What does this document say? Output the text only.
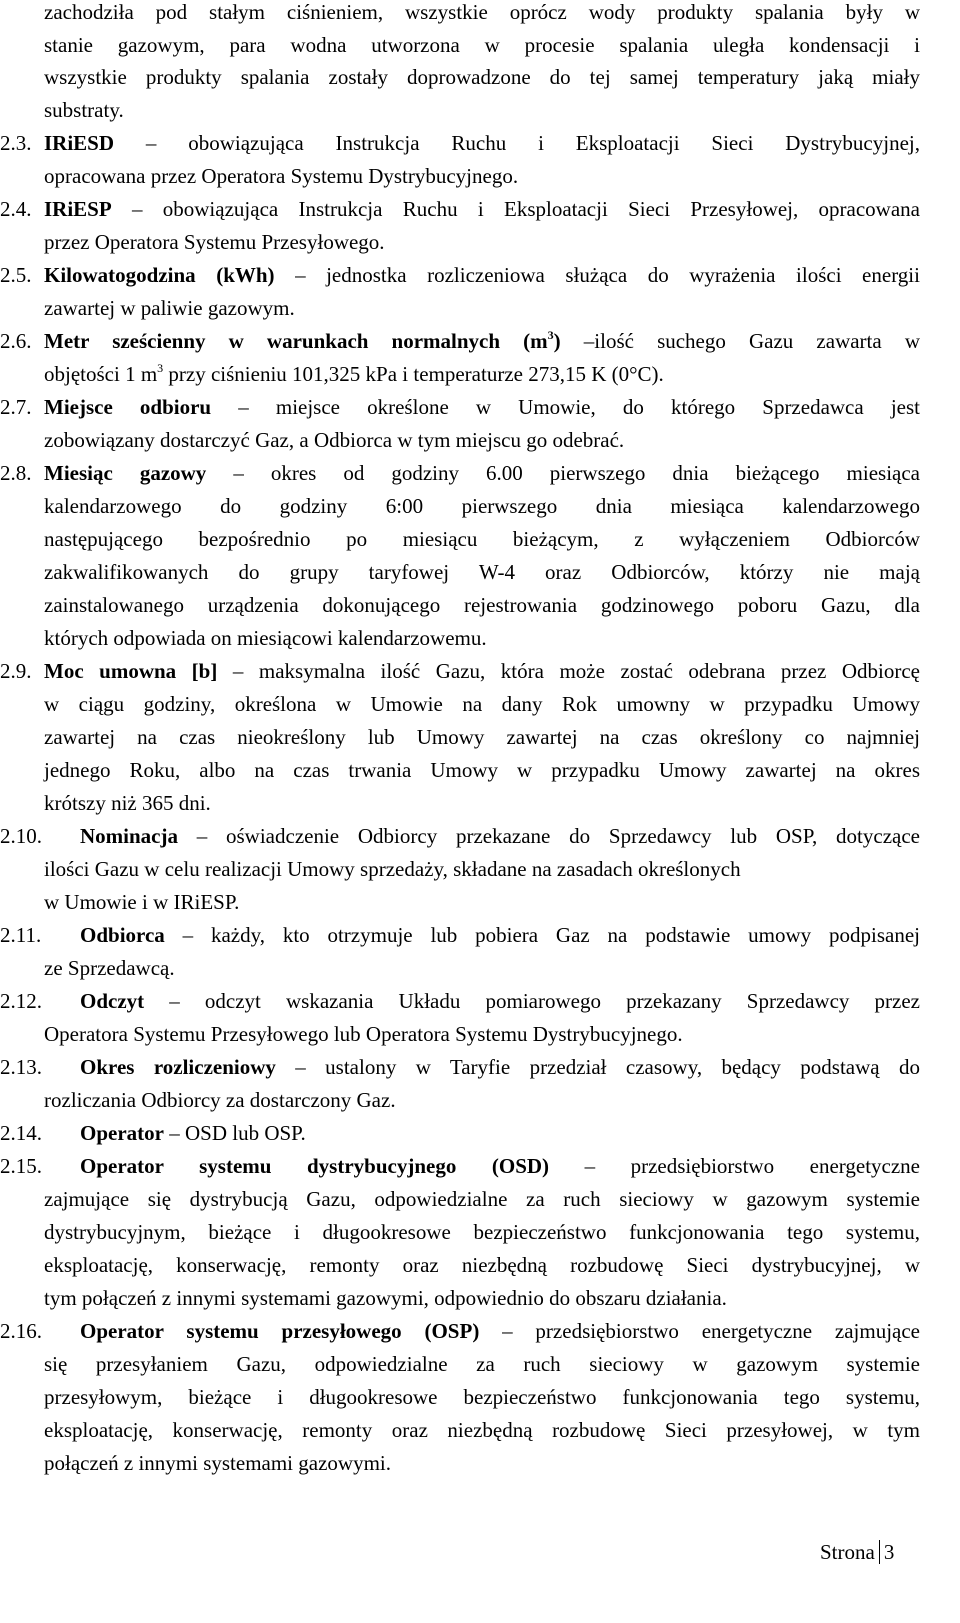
zachodziła pod stałym ciśnieniem, wszystkie oprócz wody produkty spalania były w
stanie gazowym, para wodna utworzona w procesie spalania uległa kondensacji i
wszystkie produkty spalania zostały doprowadzone do tej samej temperatury jaką miały
substraty.
2.3. IRiESD – obowiązująca Instrukcja Ruchu i Eksploatacji Sieci Dystrybucyjnej,
opracowana przez Operatora Systemu Dystrybucyjnego.
2.4. IRiESP – obowiązująca Instrukcja Ruchu i Eksploatacji Sieci Przesyłowej, opracowana
przez Operatora Systemu Przesyłowego.
2.5. Kilowatogodzina (kWh) – jednostka rozliczeniowa służąca do wyrażenia ilości energii
zawartej w paliwie gazowym.
2.6. Metr sześcienny w warunkach normalnych $(m^3)$ –ilość suchego Gazu zawarta w
objętości 1 $m^3$ przy ciśnieniu 101,325 kPa i temperaturze 273,15 K (0°C).
2.7. Miejsce odbioru – miejsce określone w Umowie, do którego Sprzedawca jest
zobowiązany dostarczyć Gaz, a Odbiorca w tym miejscu go odebrać.
2.8. Miesiąc gazowy – okres od godziny 6.00 pierwszego dnia bieżącego miesiąca
kalendarzowego do godziny 6:00 pierwszego dnia miesiąca kalendarzowego
następującego bezpośrednio po miesiącu bieżącym, z wyłączeniem Odbiorców
zakwalifikowanych do grupy taryfowej W-4 oraz Odbiorców, którzy nie mają
zainstalowanego urządzenia dokonującego rejestrowania godzinowego poboru Gazu, dla
których odpowiada on miesiącowi kalendarzowemu.
2.9. Moc umowna [b] – maksymalna ilość Gazu, która może zostać odebrana przez Odbiorcę
w ciągu godziny, określona w Umowie na dany Rok umowny w przypadku Umowy
zawartej na czas nieokreślony lub Umowy zawartej na czas określony co najmniej
jednego Roku, albo na czas trwania Umowy w przypadku Umowy zawartej na okres
krótszy niż 365 dni.
2.10.	Nominacja – oświadczenie Odbiorcy przekazane do Sprzedawcy lub OSP, dotyczące
ilości Gazu w celu realizacji Umowy sprzedaży, składane na zasadach określonych
w Umowie i w IRiESP.
2.11.	Odbiorca – każdy, kto otrzymuje lub pobiera Gaz na podstawie umowy podpisanej
ze Sprzedawcą.
2.12.	Odczyt – odczyt wskazania Układu pomiarowego przekazany Sprzedawcy przez
Operatora Systemu Przesyłowego lub Operatora Systemu Dystrybucyjnego.
2.13.	Okres rozliczeniowy – ustalony w Taryfie przedział czasowy, będący podstawą do
rozliczania Odbiorcy za dostarczony Gaz.
2.14.	Operator – OSD lub OSP.
2.15.	Operator systemu dystrybucyjnego (OSD) – przedsiębiorstwo energetyczne
zajmujące się dystrybucją Gazu, odpowiedzialne za ruch sieciowy w gazowym systemie
dystrybucyjnym, bieżące i długookresowe bezpieczeństwo funkcjonowania tego systemu,
eksploatację, konserwację, remonty oraz niezbędną rozbudowę Sieci dystrybucyjnej, w
tym połączeń z innymi systemami gazowymi, odpowiednio do obszaru działania.
2.16.	Operator systemu przesyłowego (OSP) – przedsiębiorstwo energetyczne zajmujące
się przesyłaniem Gazu, odpowiedzialne za ruch sieciowy w gazowym systemie
przesyłowym, bieżące i długookresowe bezpieczeństwo funkcjonowania tego systemu,
eksploatację, konserwację, remonty oraz niezbędną rozbudowę Sieci przesyłowej, w tym
połączeń z innymi systemami gazowymi.
Strona 3
